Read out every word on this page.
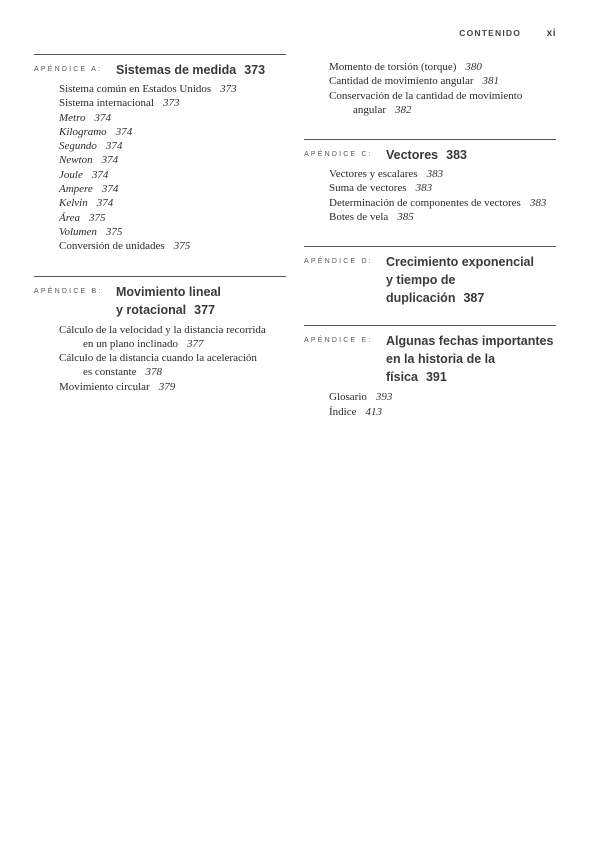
CONTENIDO	xi
APÉNDICE A:	Sistemas de medida 373
Sistema común en Estados Unidos 373
Sistema internacional 373
Metro 374
Kilogramo 374
Segundo 374
Newton 374
Joule 374
Ampere 374
Kelvin 374
Área 375
Volumen 375
Conversión de unidades 375
APÉNDICE B:	Movimiento lineal
y rotacional 377
Cálculo de la velocidad y la distancia recorrida
en un plano inclinado 377
Cálculo de la distancia cuando la aceleración
es constante 378
Movimiento circular 379
Momento de torsión (torque) 380
Cantidad de movimiento angular 381
Conservación de la cantidad de movimiento
angular 382
APÉNDICE C:	Vectores 383
Vectores y escalares 383
Suma de vectores 383
Determinación de componentes de vectores 383
Botes de vela 385
APÉNDICE D:	Crecimiento exponencial
y tiempo de duplicación 387
APÉNDICE E:	Algunas fechas importantes
en la historia de la física 391
Glosario 393
Índice 413
